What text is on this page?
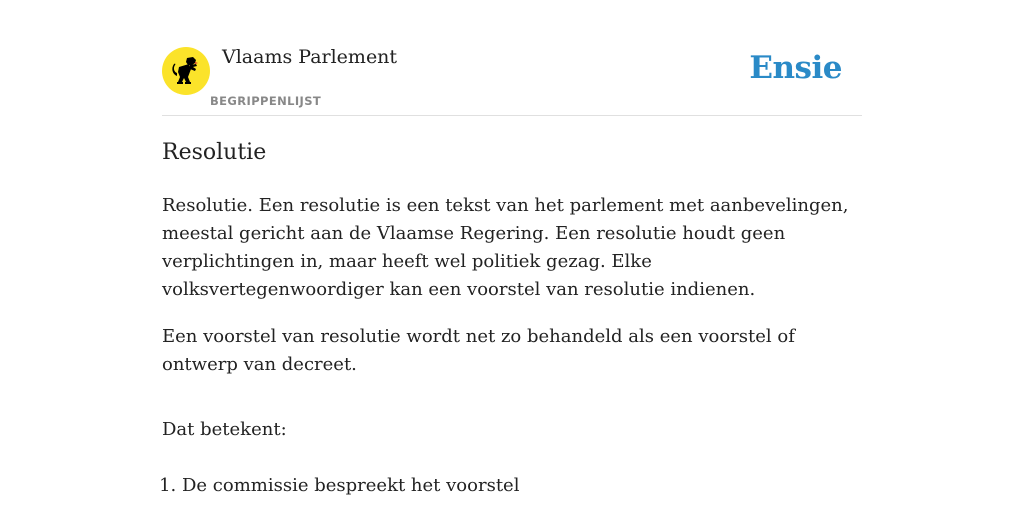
Vlaams Parlement
BEGRIPPENLIJST
Ensie
Resolutie

Resolutie. Een resolutie is een tekst van het parlement met aanbevelingen, meestal gericht aan de Vlaamse Regering. Een resolutie houdt geen verplichtingen in, maar heeft wel politiek gezag. Elke volksvertegenwoordiger kan een voorstel van resolutie indienen.

Een voorstel van resolutie wordt net zo behandeld als een voorstel of ontwerp van decreet.

Dat betekent:

1. De commissie bespreekt het voorstel
